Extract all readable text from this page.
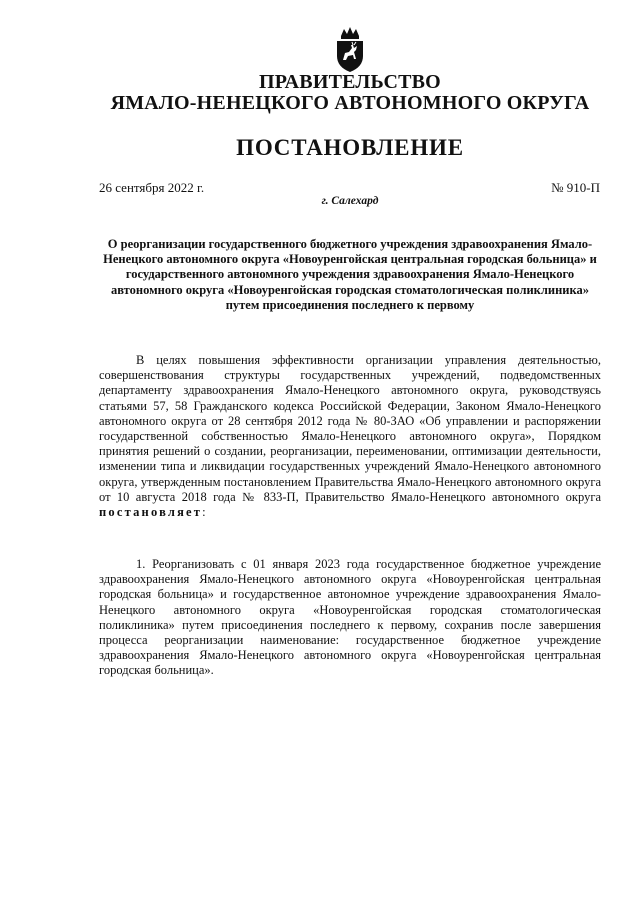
ПРАВИТЕЛЬСТВО
ЯМАЛО-НЕНЕЦКОГО АВТОНОМНОГО ОКРУГА
ПОСТАНОВЛЕНИЕ
26 сентября 2022 г.	№ 910-П
г. Салехард

О реорганизации государственного бюджетного учреждения здравоохранения Ямало-Ненецкого автономного округа «Новоуренгойская центральная городская больница» и государственного автономного учреждения здравоохранения Ямало-Ненецкого автономного округа «Новоуренгойская городская стоматологическая поликлиника» путем присоединения последнего к первому

В целях повышения эффективности организации управления деятельностью, совершенствования структуры государственных учреждений, подведомственных департаменту здравоохранения Ямало-Ненецкого автономного округа, руководствуясь статьями 57, 58 Гражданского кодекса Российской Федерации, Законом Ямало-Ненецкого автономного округа от 28 сентября 2012 года № 80-ЗАО «Об управлении и распоряжении государственной собственностью Ямало-Ненецкого автономного округа», Порядком принятия решений о создании, реорганизации, переименовании, оптимизации деятельности, изменении типа и ликвидации государственных учреждений Ямало-Ненецкого автономного округа, утвержденным постановлением Правительства Ямало-Ненецкого автономного округа от 10 августа 2018 года № 833-П, Правительство Ямало-Ненецкого автономного округа постановляет:

1. Реорганизовать с 01 января 2023 года государственное бюджетное учреждение здравоохранения Ямало-Ненецкого автономного округа «Новоуренгойская центральная городская больница» и государственное автономное учреждение здравоохранения Ямало-Ненецкого автономного округа «Новоуренгойская городская стоматологическая поликлиника» путем присоединения последнего к первому, сохранив после завершения процесса реорганизации наименование: государственное бюджетное учреждение здравоохранения Ямало-Ненецкого автономного округа «Новоуренгойская центральная городская больница».
